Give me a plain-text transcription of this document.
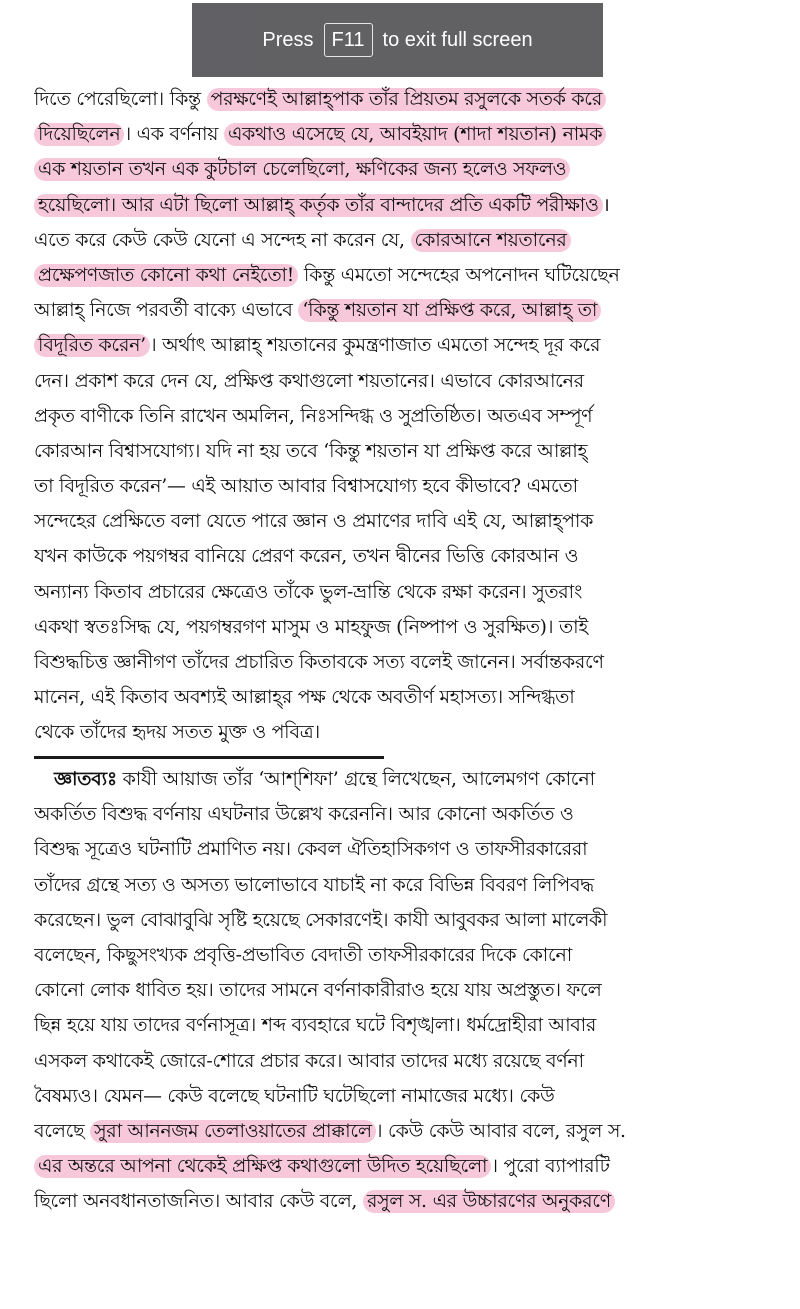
Press F11 to exit full screen
দিতে পেরেছিলো। কিন্তু পরক্ষণেই আল্লাহ্‌পাক তাঁর প্রিয়তম রসুলকে সতর্ক করে
দিয়েছিলেন । এক বর্ণনায় একথাও এসেছে যে, আবইয়াদ (শাদা শয়তান) নামক
এক শয়তান তখন এক কুটচাল চেলেছিলো, ক্ষণিকের জন্য হলেও সফলও
হয়েছিলো। আর এটা ছিলো আল্লাহ্‌ কর্তৃক তাঁর বান্দাদের প্রতি একটি পরীক্ষাও ।
এতে করে কেউ কেউ যেনো এ সন্দেহ না করেন যে, কোরআনে শয়তানের
প্রক্ষেপণজাত কোনো কথা নেইতো! কিন্তু এমতো সন্দেহের অপনোদন ঘটিয়েছেন
আল্লাহ্‌ নিজে পরবর্তী বাক্যে এভাবে ‘কিন্তু শয়তান যা প্রক্ষিপ্ত করে, আল্লাহ্‌ তা
বিদূরিত করেন’ । অর্থাৎ আল্লাহ্‌ শয়তানের কুমন্ত্রণাজাত এমতো সন্দেহ দূর করে
দেন। প্রকাশ করে দেন যে, প্রক্ষিপ্ত কথাগুলো শয়তানের। এভাবে কোরআনের
প্রকৃত বাণীকে তিনি রাখেন অমলিন, নিঃসন্দিগ্ধ ও সুপ্রতিষ্ঠিত। অতএব সম্পূর্ণ
কোরআন বিশ্বাসযোগ্য। যদি না হয় তবে ‘কিন্তু শয়তান যা প্রক্ষিপ্ত করে আল্লাহ্‌
তা বিদূরিত করেন’— এই আয়াত আবার বিশ্বাসযোগ্য হবে কীভাবে? এমতো
সন্দেহের প্রেক্ষিতে বলা যেতে পারে জ্ঞান ও প্রমাণের দাবি এই যে, আল্লাহ্‌পাক
যখন কাউকে পয়গম্বর বানিয়ে প্রেরণ করেন, তখন দ্বীনের ভিত্তি কোরআন ও
অন্যান্য কিতাব প্রচারের ক্ষেত্রেও তাঁকে ভুল-ভ্রান্তি থেকে রক্ষা করেন। সুতরাং
একথা স্বতঃসিদ্ধ যে, পয়গম্বরগণ মাসুম ও মাহফুজ (নিষ্পাপ ও সুরক্ষিত)। তাই
বিশুদ্ধচিত্ত জ্ঞানীগণ তাঁদের প্রচারিত কিতাবকে সত্য বলেই জানেন। সর্বান্তকরণে
মানেন, এই কিতাব অবশ্যই আল্লাহ্‌র পক্ষ থেকে অবতীর্ণ মহাসত্য। সন্দিগ্ধতা
থেকে তাঁদের হৃদয় সতত মুক্ত ও পবিত্র।
জ্ঞাতব্যঃ কাযী আয়াজ তাঁর ‘আশ্‌শিফা’ গ্রন্থে লিখেছেন, আলেমগণ কোনো
অকর্তিত বিশুদ্ধ বর্ণনায় এঘটনার উল্লেখ করেননি। আর কোনো অকর্তিত ও
বিশুদ্ধ সূত্রেও ঘটনাটি প্রমাণিত নয়। কেবল ঐতিহাসিকগণ ও তাফসীরকারেরা
তাঁদের গ্রন্থে সত্য ও অসত্য ভালোভাবে যাচাই না করে বিভিন্ন বিবরণ লিপিবদ্ধ
করেছেন। ভুল বোঝাবুঝি সৃষ্টি হয়েছে সেকারণেই। কাযী আবুবকর আলা মালেকী
বলেছেন, কিছুসংখ্যক প্রবৃত্তি-প্রভাবিত বেদাতী তাফসীরকারের দিকে কোনো
কোনো লোক ধাবিত হয়। তাদের সামনে বর্ণনাকারীরাও হয়ে যায় অপ্রস্তুত। ফলে
ছিন্ন হয়ে যায় তাদের বর্ণনাসূত্র। শব্দ ব্যবহারে ঘটে বিশৃঙ্খলা। ধর্মদ্রোহীরা আবার
এসকল কথাকেই জোরে-শোরে প্রচার করে। আবার তাদের মধ্যে রয়েছে বর্ণনা
বৈষম্যও। যেমন— কেউ বলেছে ঘটনাটি ঘটেছিলো নামাজের মধ্যে। কেউ
বলেছে সুরা আননজম তেলাওয়াতের প্রাক্কালে । কেউ কেউ আবার বলে, রসুল স.
এর অন্তরে আপনা থেকেই প্রক্ষিপ্ত কথাগুলো উদিত হয়েছিলো । পুরো ব্যাপারটি
ছিলো অনবধানতাজনিত। আবার কেউ বলে, রসুল স. এর উচ্চারণের অনুকরণে
